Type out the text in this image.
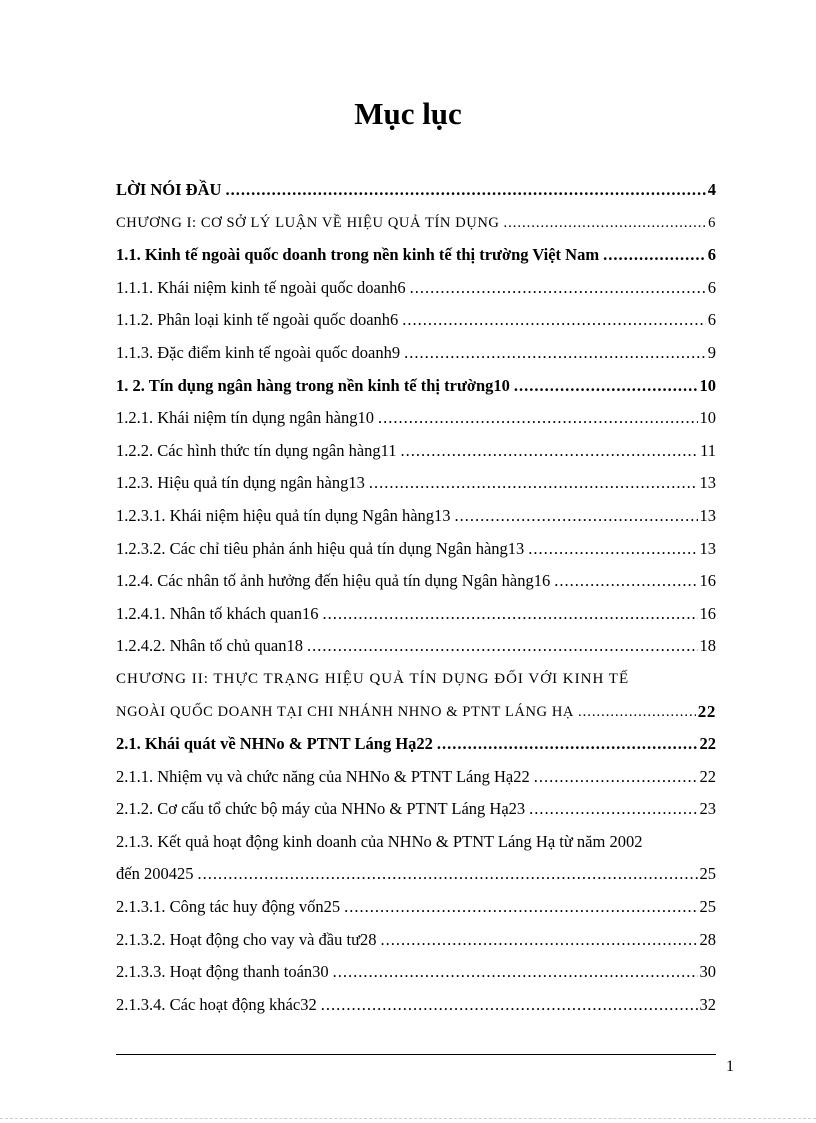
Mục lục
LỜI NÓI ĐẦU .....	4
CHƯƠNG I: CƠ SỞ LÝ LUẬN VỀ HIỆU QUẢ TÍN DỤNG .....	6
1.1. Kinh tế ngoài quốc doanh trong nền kinh tế thị trường Việt Nam .....	6
1.1.1. Khái niệm kinh tế ngoài quốc doanh6 .....	6
1.1.2. Phân loại kinh tế ngoài quốc doanh6 .....	6
1.1.3. Đặc điểm kinh tế ngoài quốc doanh9 .....	9
1. 2. Tín dụng ngân hàng trong nền kinh tế thị trường10 .....	10
1.2.1. Khái niệm tín dụng ngân hàng10 .....	10
1.2.2. Các hình thức tín dụng ngân hàng11 .....	11
1.2.3. Hiệu quả tín dụng ngân hàng13 .....	13
1.2.3.1. Khái niệm hiệu quả tín dụng Ngân hàng13 .....	13
1.2.3.2. Các chỉ tiêu phản ánh hiệu quả tín dụng Ngân hàng13 .....	13
1.2.4. Các nhân tố ảnh hưởng đến hiệu quả tín dụng Ngân hàng16 .....	16
1.2.4.1. Nhân tố khách quan16 .....	16
1.2.4.2. Nhân tố chủ quan18 .....	18
CHƯƠNG II: THỰC TRẠNG HIỆU QUẢ TÍN DỤNG ĐỐI VỚI KINH TẾ
NGOÀI QUỐC DOANH TẠI CHI NHÁNH NHNO & PTNT LÁNG HẠ .....	22
2.1. Khái quát về NHNo & PTNT Láng Hạ22 .....	22
2.1.1. Nhiệm vụ và chức năng của NHNo & PTNT Láng Hạ22 .....	22
2.1.2. Cơ cấu tổ chức bộ máy của NHNo & PTNT Láng Hạ23 .....	23
2.1.3. Kết quả hoạt động kinh doanh của NHNo & PTNT Láng Hạ từ năm 2002
đến 200425 .....	25
2.1.3.1. Công tác huy động vốn25 .....	25
2.1.3.2. Hoạt động cho vay và đầu tư28 .....	28
2.1.3.3. Hoạt động thanh toán30 .....	30
2.1.3.4. Các hoạt động khác32 .....	32
1
